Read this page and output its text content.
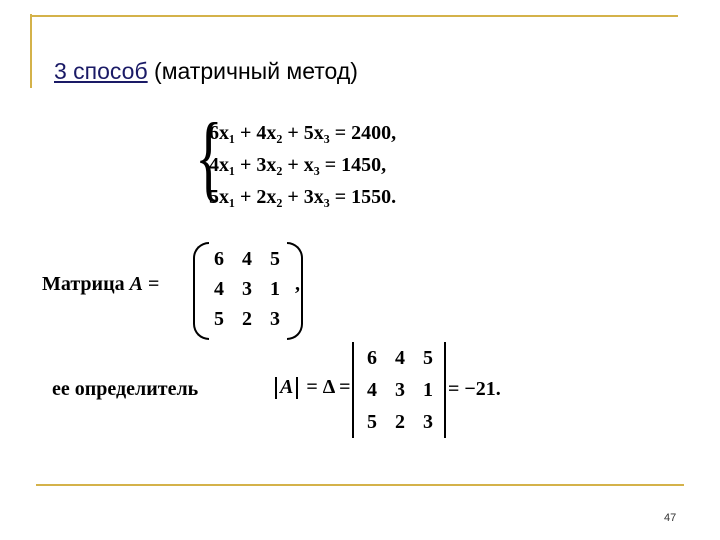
3 способ (матричный метод)
{
6x₁ + 4x₂ + 5x₃ = 2400,
4x₁ + 3x₂ + x₃ = 1450,
5x₁ + 2x₂ + 3x₃ = 1550.
Матрица A =
6 4 5
4 3 1
5 2 3
,
ее определитель	A = Δ =
6 4 5
4 3 1
5 2 3
= −21.
47
